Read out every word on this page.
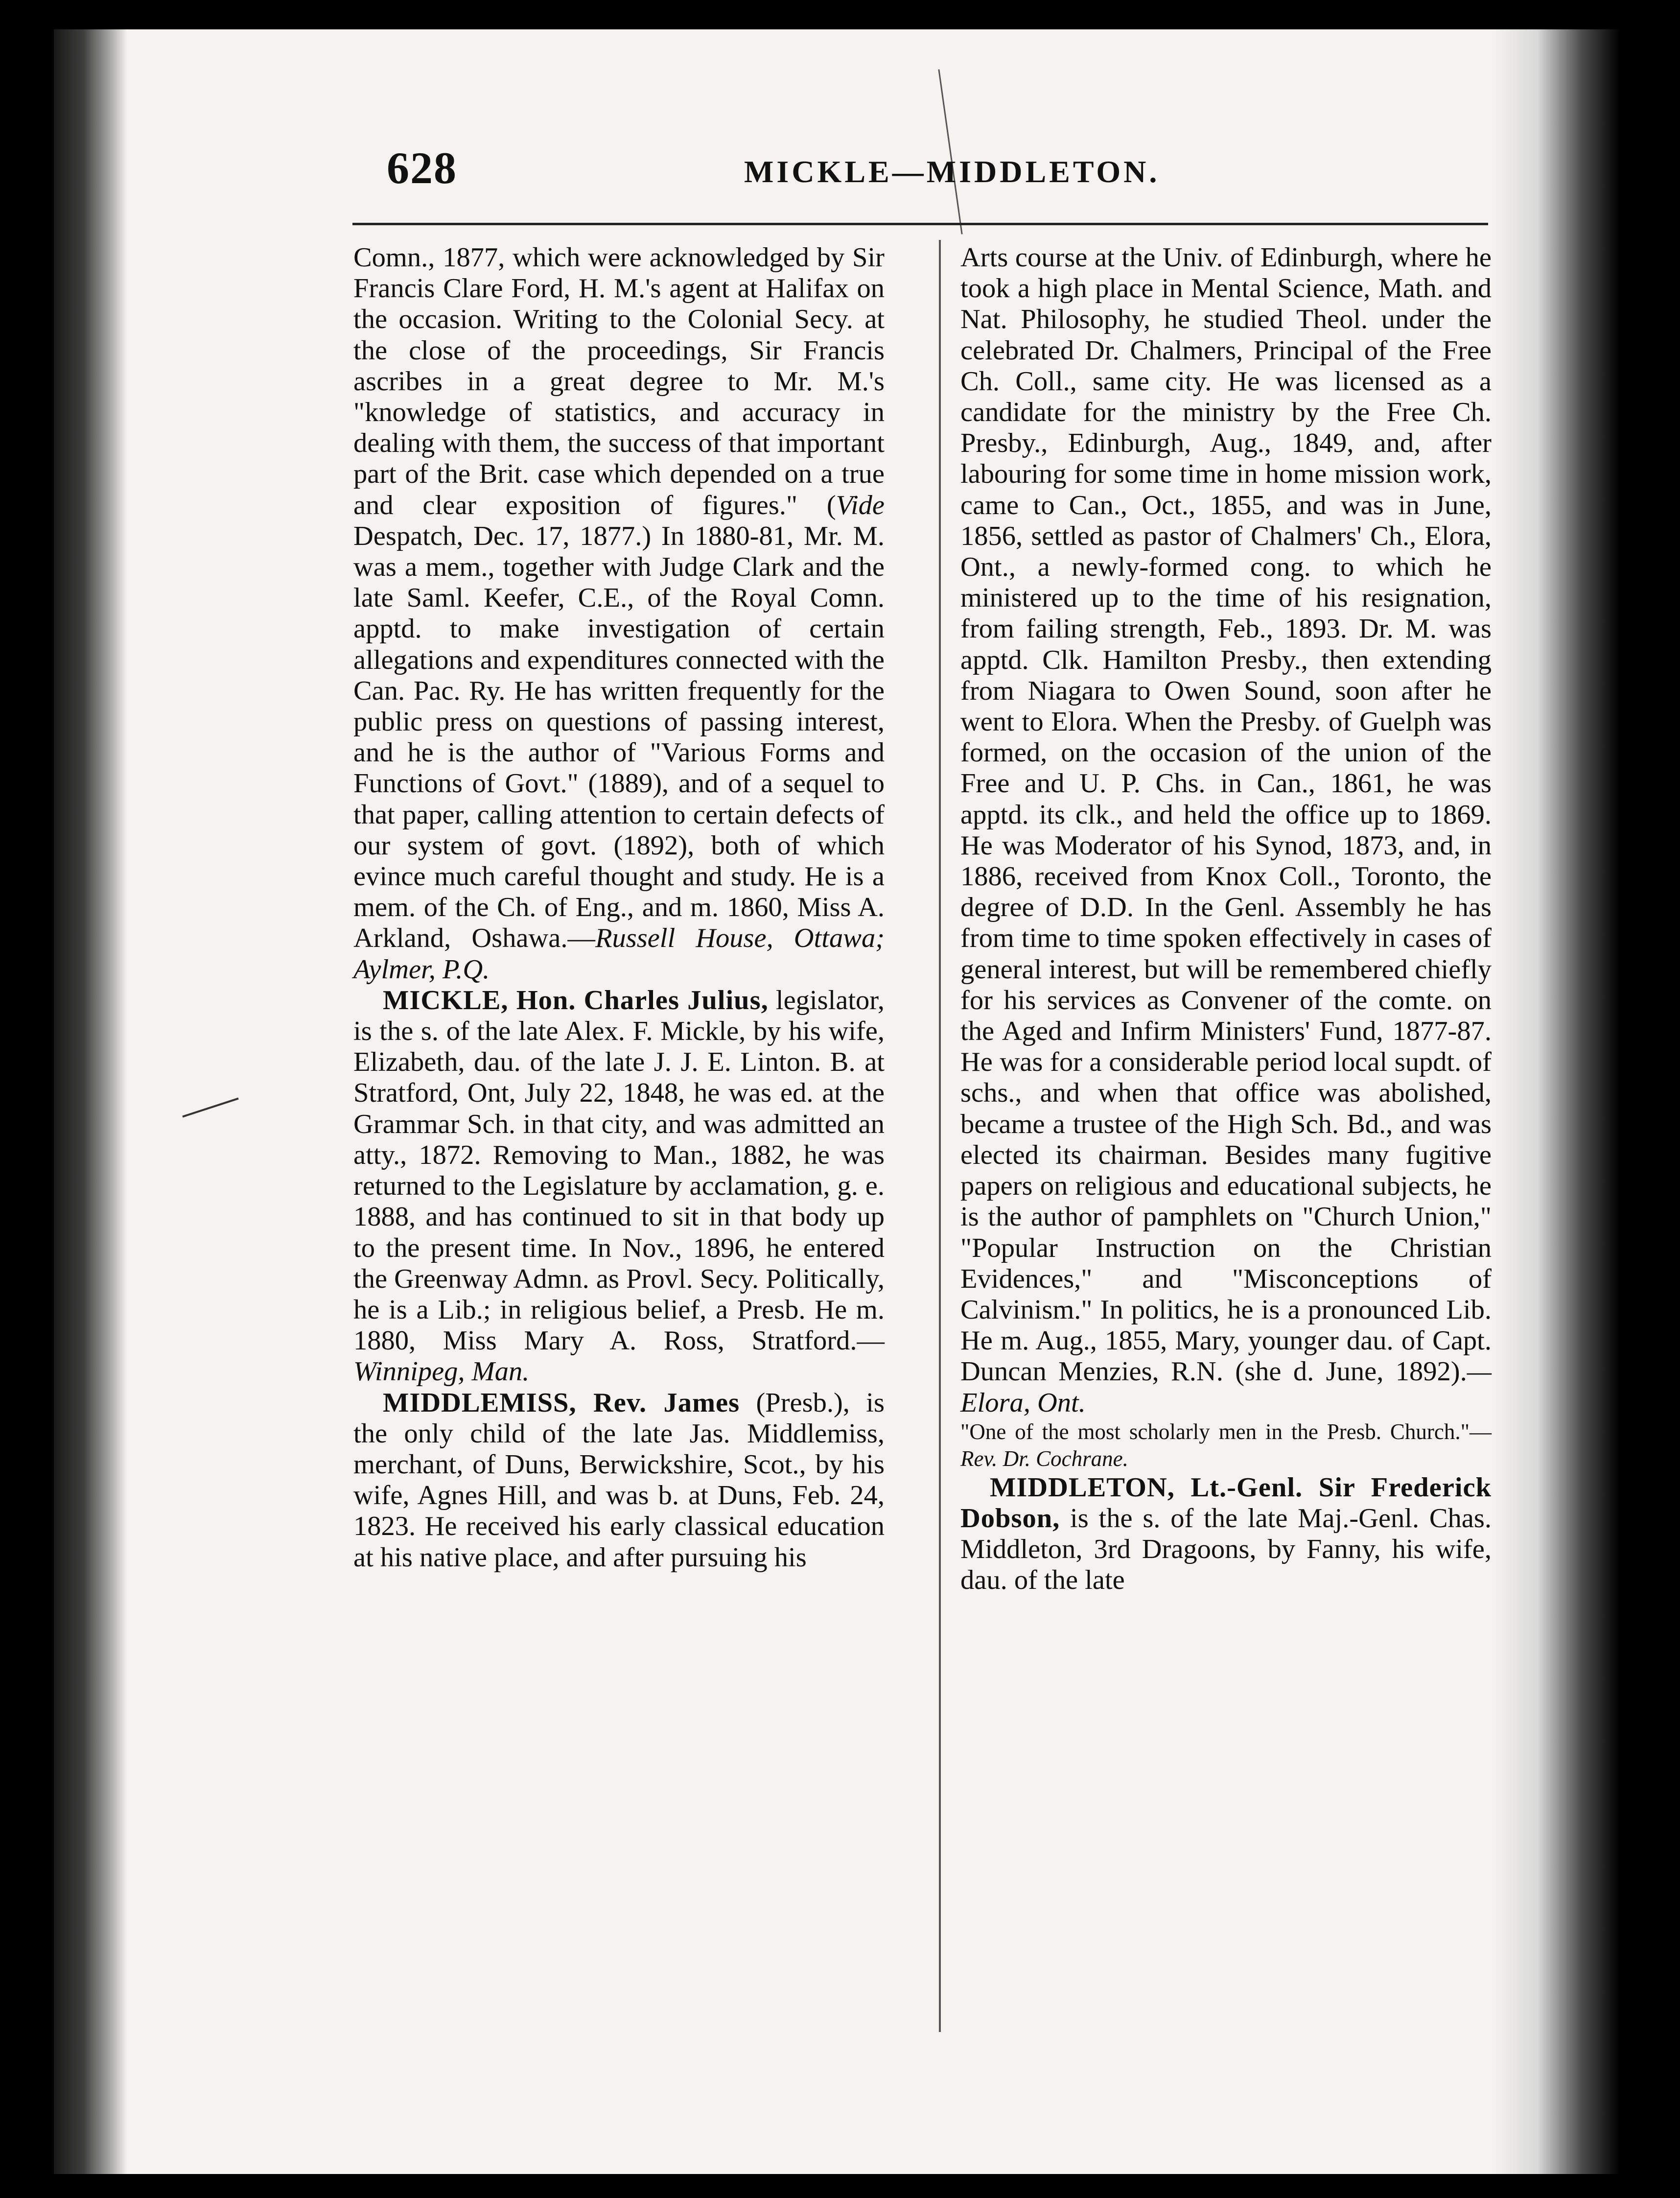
628	MICKLE—MIDDLETON.

Comn., 1877, which were acknowledged by Sir Francis Clare Ford, H. M.'s agent at Halifax on the occasion. Writing to the Colonial Secy. at the close of the proceedings, Sir Francis ascribes in a great degree to Mr. M.'s "knowledge of statistics, and accuracy in dealing with them, the success of that important part of the Brit. case which depended on a true and clear exposition of figures." (Vide Despatch, Dec. 17, 1877.) In 1880-81, Mr. M. was a mem., together with Judge Clark and the late Saml. Keefer, C.E., of the Royal Comn. apptd. to make investigation of certain allegations and expenditures connected with the Can. Pac. Ry. He has written frequently for the public press on questions of passing interest, and he is the author of "Various Forms and Functions of Govt." (1889), and of a sequel to that paper, calling attention to certain defects of our system of govt. (1892), both of which evince much careful thought and study. He is a mem. of the Ch. of Eng., and m. 1860, Miss A. Arkland, Oshawa.—Russell House, Ottawa; Aylmer, P.Q.

MICKLE, Hon. Charles Julius, legislator, is the s. of the late Alex. F. Mickle, by his wife, Elizabeth, dau. of the late J. J. E. Linton. B. at Stratford, Ont, July 22, 1848, he was ed. at the Grammar Sch. in that city, and was admitted an atty., 1872. Removing to Man., 1882, he was returned to the Legislature by acclamation, g. e. 1888, and has continued to sit in that body up to the present time. In Nov., 1896, he entered the Greenway Admn. as Provl. Secy. Politically, he is a Lib.; in religious belief, a Presb. He m. 1880, Miss Mary A. Ross, Stratford.—Winnipeg, Man.

MIDDLEMISS, Rev. James (Presb.), is the only child of the late Jas. Middlemiss, merchant, of Duns, Berwickshire, Scot., by his wife, Agnes Hill, and was b. at Duns, Feb. 24, 1823. He received his early classical education at his native place, and after pursuing his

Arts course at the Univ. of Edinburgh, where he took a high place in Mental Science, Math. and Nat. Philosophy, he studied Theol. under the celebrated Dr. Chalmers, Principal of the Free Ch. Coll., same city. He was licensed as a candidate for the ministry by the Free Ch. Presby., Edinburgh, Aug., 1849, and, after labouring for some time in home mission work, came to Can., Oct., 1855, and was in June, 1856, settled as pastor of Chalmers' Ch., Elora, Ont., a newly-formed cong. to which he ministered up to the time of his resignation, from failing strength, Feb., 1893. Dr. M. was apptd. Clk. Hamilton Presby., then extending from Niagara to Owen Sound, soon after he went to Elora. When the Presby. of Guelph was formed, on the occasion of the union of the Free and U. P. Chs. in Can., 1861, he was apptd. its clk., and held the office up to 1869. He was Moderator of his Synod, 1873, and, in 1886, received from Knox Coll., Toronto, the degree of D.D. In the Genl. Assembly he has from time to time spoken effectively in cases of general interest, but will be remembered chiefly for his services as Convener of the comte. on the Aged and Infirm Ministers' Fund, 1877-87. He was for a considerable period local supdt. of schs., and when that office was abolished, became a trustee of the High Sch. Bd., and was elected its chairman. Besides many fugitive papers on religious and educational subjects, he is the author of pamphlets on "Church Union," "Popular Instruction on the Christian Evidences," and "Misconceptions of Calvinism." In politics, he is a pronounced Lib. He m. Aug., 1855, Mary, younger dau. of Capt. Duncan Menzies, R.N. (she d. June, 1892).—Elora, Ont.

"One of the most scholarly men in the Presb. Church."—Rev. Dr. Cochrane.

MIDDLETON, Lt.-Genl. Sir Frederick Dobson, is the s. of the late Maj.-Genl. Chas. Middleton, 3rd Dragoons, by Fanny, his wife, dau. of the late
